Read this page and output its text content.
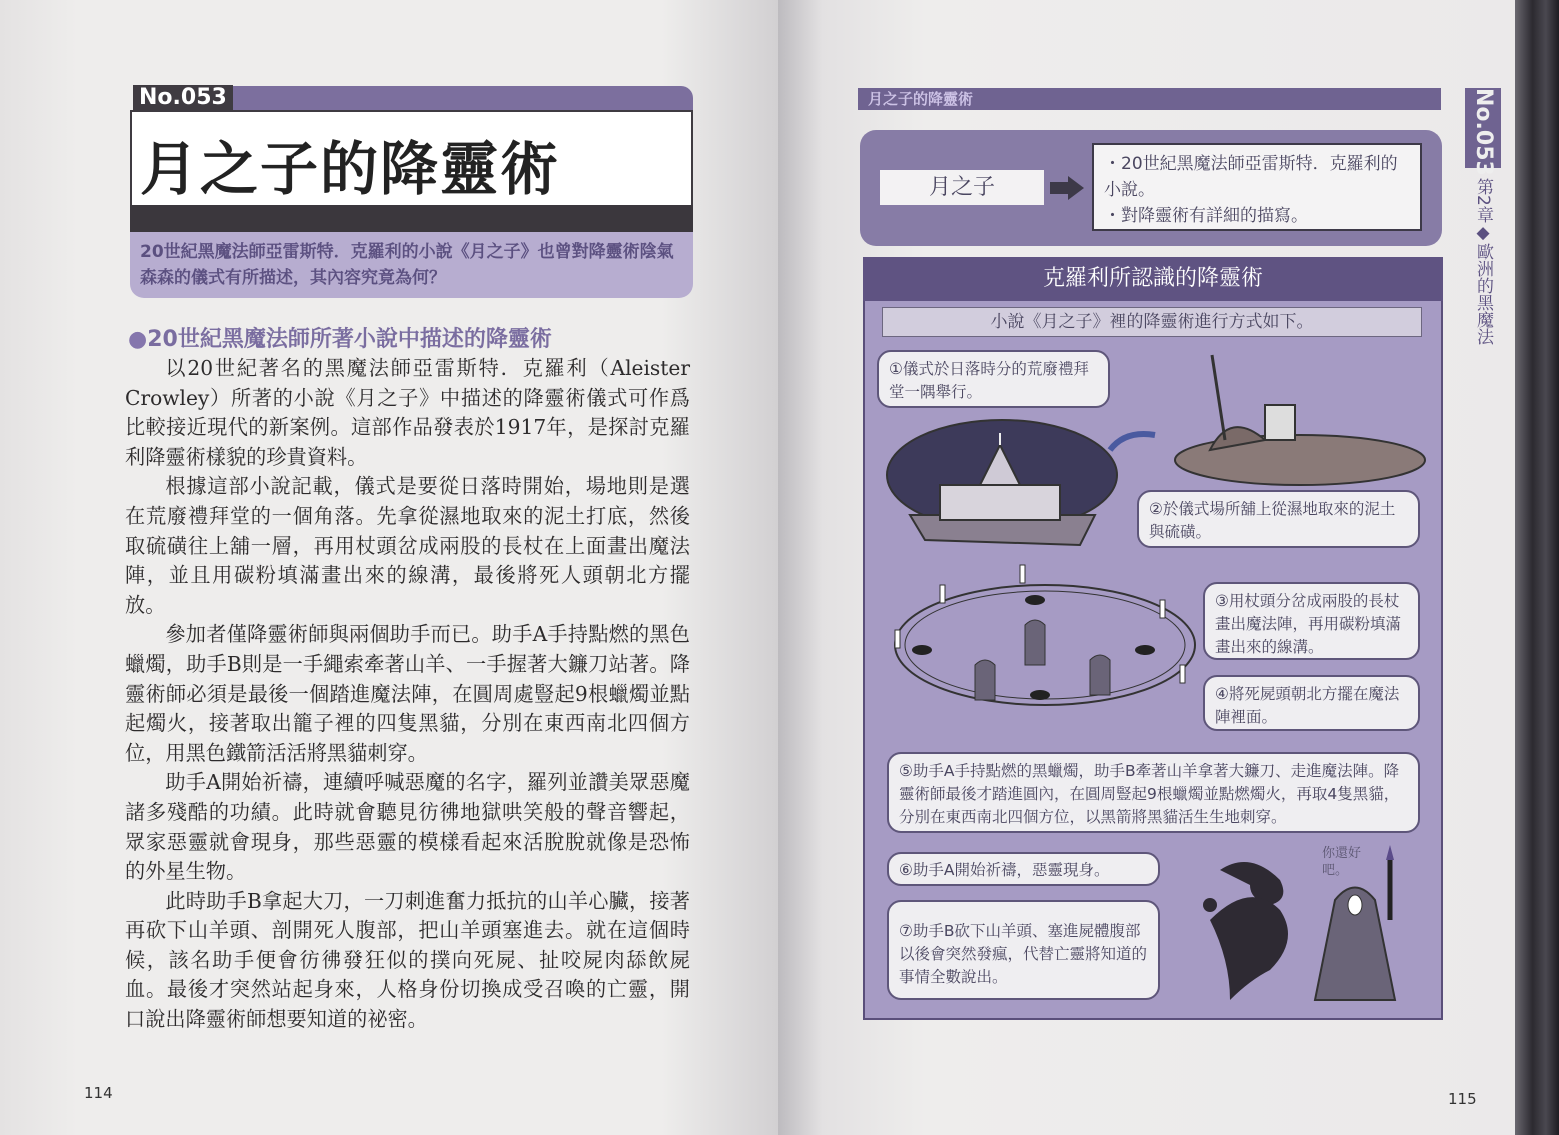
No.053
月之子的降靈術
20世紀黑魔法師亞雷斯特．克羅利的小說《月之子》也曾對降靈術陰氣森森的儀式有所描述，其內容究竟為何？
●20世紀黑魔法師所著小說中描述的降靈術

以20世紀著名的黑魔法師亞雷斯特．克羅利（Aleister Crowley）所著的小說《月之子》中描述的降靈術儀式可作爲比較接近現代的新案例。這部作品發表於1917年，是探討克羅利降靈術樣貌的珍貴資料。

根據這部小說記載，儀式是要從日落時開始，場地則是選在荒廢禮拜堂的一個角落。先拿從濕地取來的泥土打底，然後取硫磺往上舖一層，再用杖頭岔成兩股的長杖在上面畫出魔法陣，並且用碳粉填滿畫出來的線溝，最後將死人頭朝北方擺放。

參加者僅降靈術師與兩個助手而已。助手A手持點燃的黑色蠟燭，助手B則是一手繩索牽著山羊、一手握著大鐮刀站著。降靈術師必須是最後一個踏進魔法陣，在圓周處豎起9根蠟燭並點起燭火，接著取出籠子裡的四隻黑貓，分別在東西南北四個方位，用黑色鐵箭活活將黑貓刺穿。

助手A開始祈禱，連續呼喊惡魔的名字，羅列並讚美眾惡魔諸多殘酷的功績。此時就會聽見彷彿地獄哄笑般的聲音響起，眾家惡靈就會現身，那些惡靈的模樣看起來活脫脫就像是恐怖的外星生物。

此時助手B拿起大刀，一刀刺進奮力抵抗的山羊心臟，接著再砍下山羊頭、剖開死人腹部，把山羊頭塞進去。就在這個時候，該名助手便會彷彿發狂似的撲向死屍、扯咬屍肉舔飲屍血。最後才突然站起身來，人格身份切換成受召喚的亡靈，開口說出降靈術師想要知道的祕密。

114
月之子的降靈術
月之子
・20世紀黑魔法師亞雷斯特．克羅利的小說。
・對降靈術有詳細的描寫。
克羅利所認識的降靈術
小說《月之子》裡的降靈術進行方式如下。
①儀式於日落時分的荒廢禮拜堂一隅舉行。
②於儀式場所舖上從濕地取來的泥土與硫磺。
③用杖頭分岔成兩股的長杖畫出魔法陣，再用碳粉填滿畫出來的線溝。
④將死屍頭朝北方擺在魔法陣裡面。
⑤助手A手持點燃的黑蠟燭，助手B牽著山羊拿著大鐮刀、走進魔法陣。降靈術師最後才踏進圓內，在圓周豎起9根蠟燭並點燃燭火，再取4隻黑貓，分別在東西南北四個方位，以黑箭將黑貓活生生地刺穿。
⑥助手A開始祈禱，惡靈現身。
⑦助手B砍下山羊頭、塞進屍體腹部以後會突然發瘋，代替亡靈將知道的事情全數說出。
你還好吧。
No.053
第2章◆歐洲的黑魔法
115
